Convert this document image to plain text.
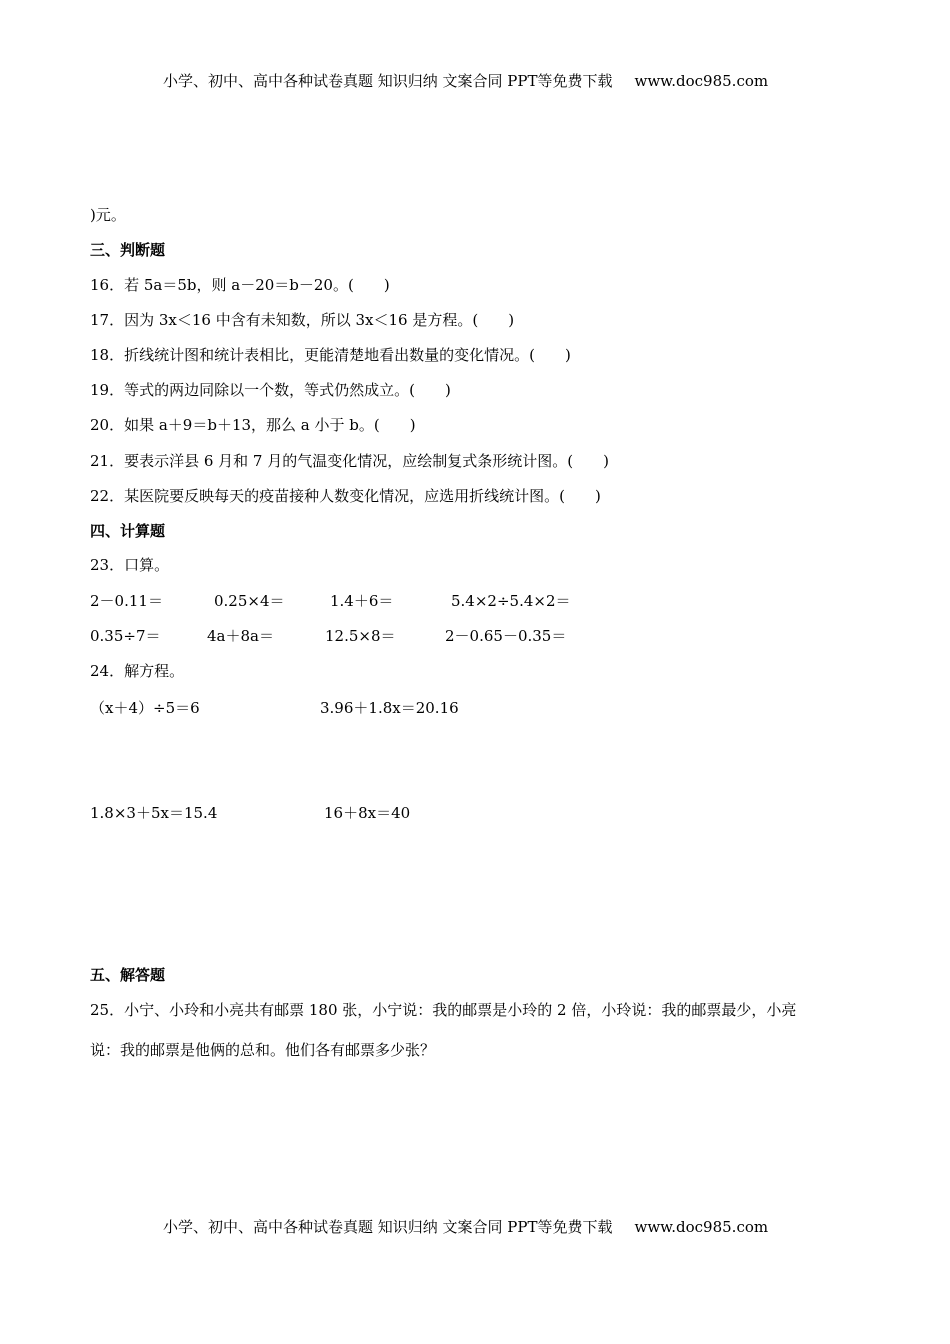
小学、初中、高中各种试卷真题 知识归纳 文案合同 PPT等免费下载 www.doc985.com
)元。
三、判断题
16．若 5a＝5b，则 a－20＝b－20。(　　)
17．因为 3x＜16 中含有未知数，所以 3x＜16 是方程。(　　)
18．折线统计图和统计表相比，更能清楚地看出数量的变化情况。(　　)
19．等式的两边同除以一个数，等式仍然成立。(　　)
20．如果 a＋9＝b＋13，那么 a 小于 b。(　　)
21．要表示洋县 6 月和 7 月的气温变化情况，应绘制复式条形统计图。(　　)
22．某医院要反映每天的疫苗接种人数变化情况，应选用折线统计图。(　　)
四、计算题
23．口算。
2－0.11＝	0.25×4＝	1.4＋6＝	5.4×2÷5.4×2＝
0.35÷7＝	4a＋8a＝	12.5×8＝	2－0.65－0.35＝
24．解方程。
（x＋4）÷5＝6	3.96＋1.8x＝20.16
1.8×3＋5x＝15.4	16＋8x＝40
五、解答题
25．小宁、小玲和小亮共有邮票 180 张，小宁说：我的邮票是小玲的 2 倍，小玲说：我的邮票最少，小亮
说：我的邮票是他俩的总和。他们各有邮票多少张？
小学、初中、高中各种试卷真题 知识归纳 文案合同 PPT等免费下载 www.doc985.com
